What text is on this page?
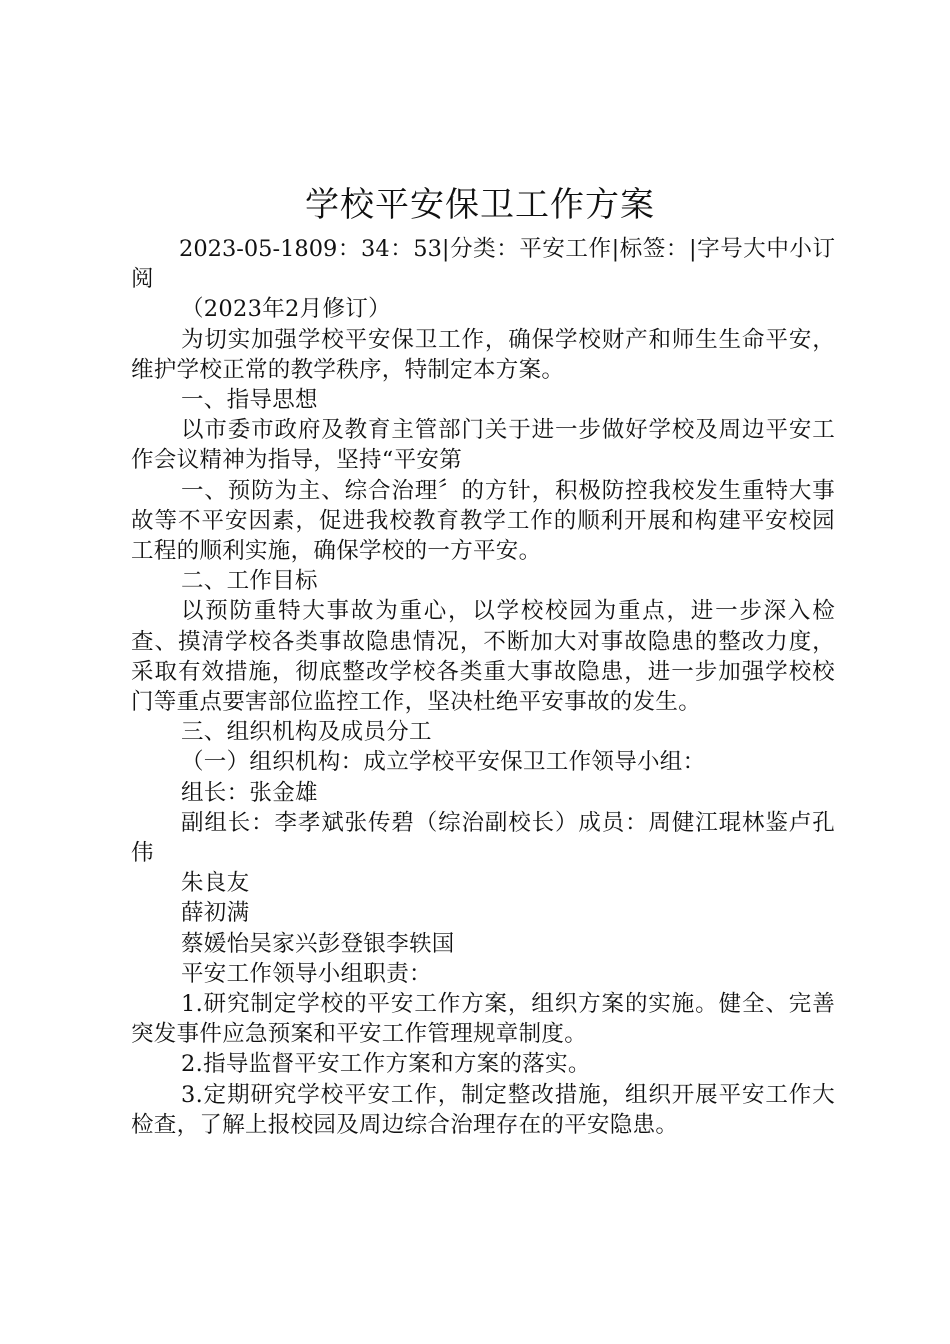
学校平安保卫工作方案

2023-05-1809：34：53|分类：平安工作|标签：|字号大中小订阅

（2023年2月修订）

为切实加强学校平安保卫工作，确保学校财产和师生生命平安，维护学校正常的教学秩序，特制定本方案。

一、指导思想

以市委市政府及教育主管部门关于进一步做好学校及周边平安工作会议精神为指导，坚持“平安第

一、预防为主、综合治理〞的方针，积极防控我校发生重特大事故等不平安因素，促进我校教育教学工作的顺利开展和构建平安校园工程的顺利实施，确保学校的一方平安。

二、工作目标

以预防重特大事故为重心，以学校校园为重点，进一步深入检查、摸清学校各类事故隐患情况，不断加大对事故隐患的整改力度，采取有效措施，彻底整改学校各类重大事故隐患，进一步加强学校校门等重点要害部位监控工作，坚决杜绝平安事故的发生。

三、组织机构及成员分工

（一）组织机构：成立学校平安保卫工作领导小组：

组长：张金雄

副组长：李孝斌张传碧（综治副校长）成员：周健江琨林鉴卢孔伟

朱良友

薛初满

蔡媛怡吴家兴彭登银李轶国

平安工作领导小组职责：

1.研究制定学校的平安工作方案，组织方案的实施。健全、完善突发事件应急预案和平安工作管理规章制度。

2.指导监督平安工作方案和方案的落实。

3.定期研究学校平安工作，制定整改措施，组织开展平安工作大检查，了解上报校园及周边综合治理存在的平安隐患。
